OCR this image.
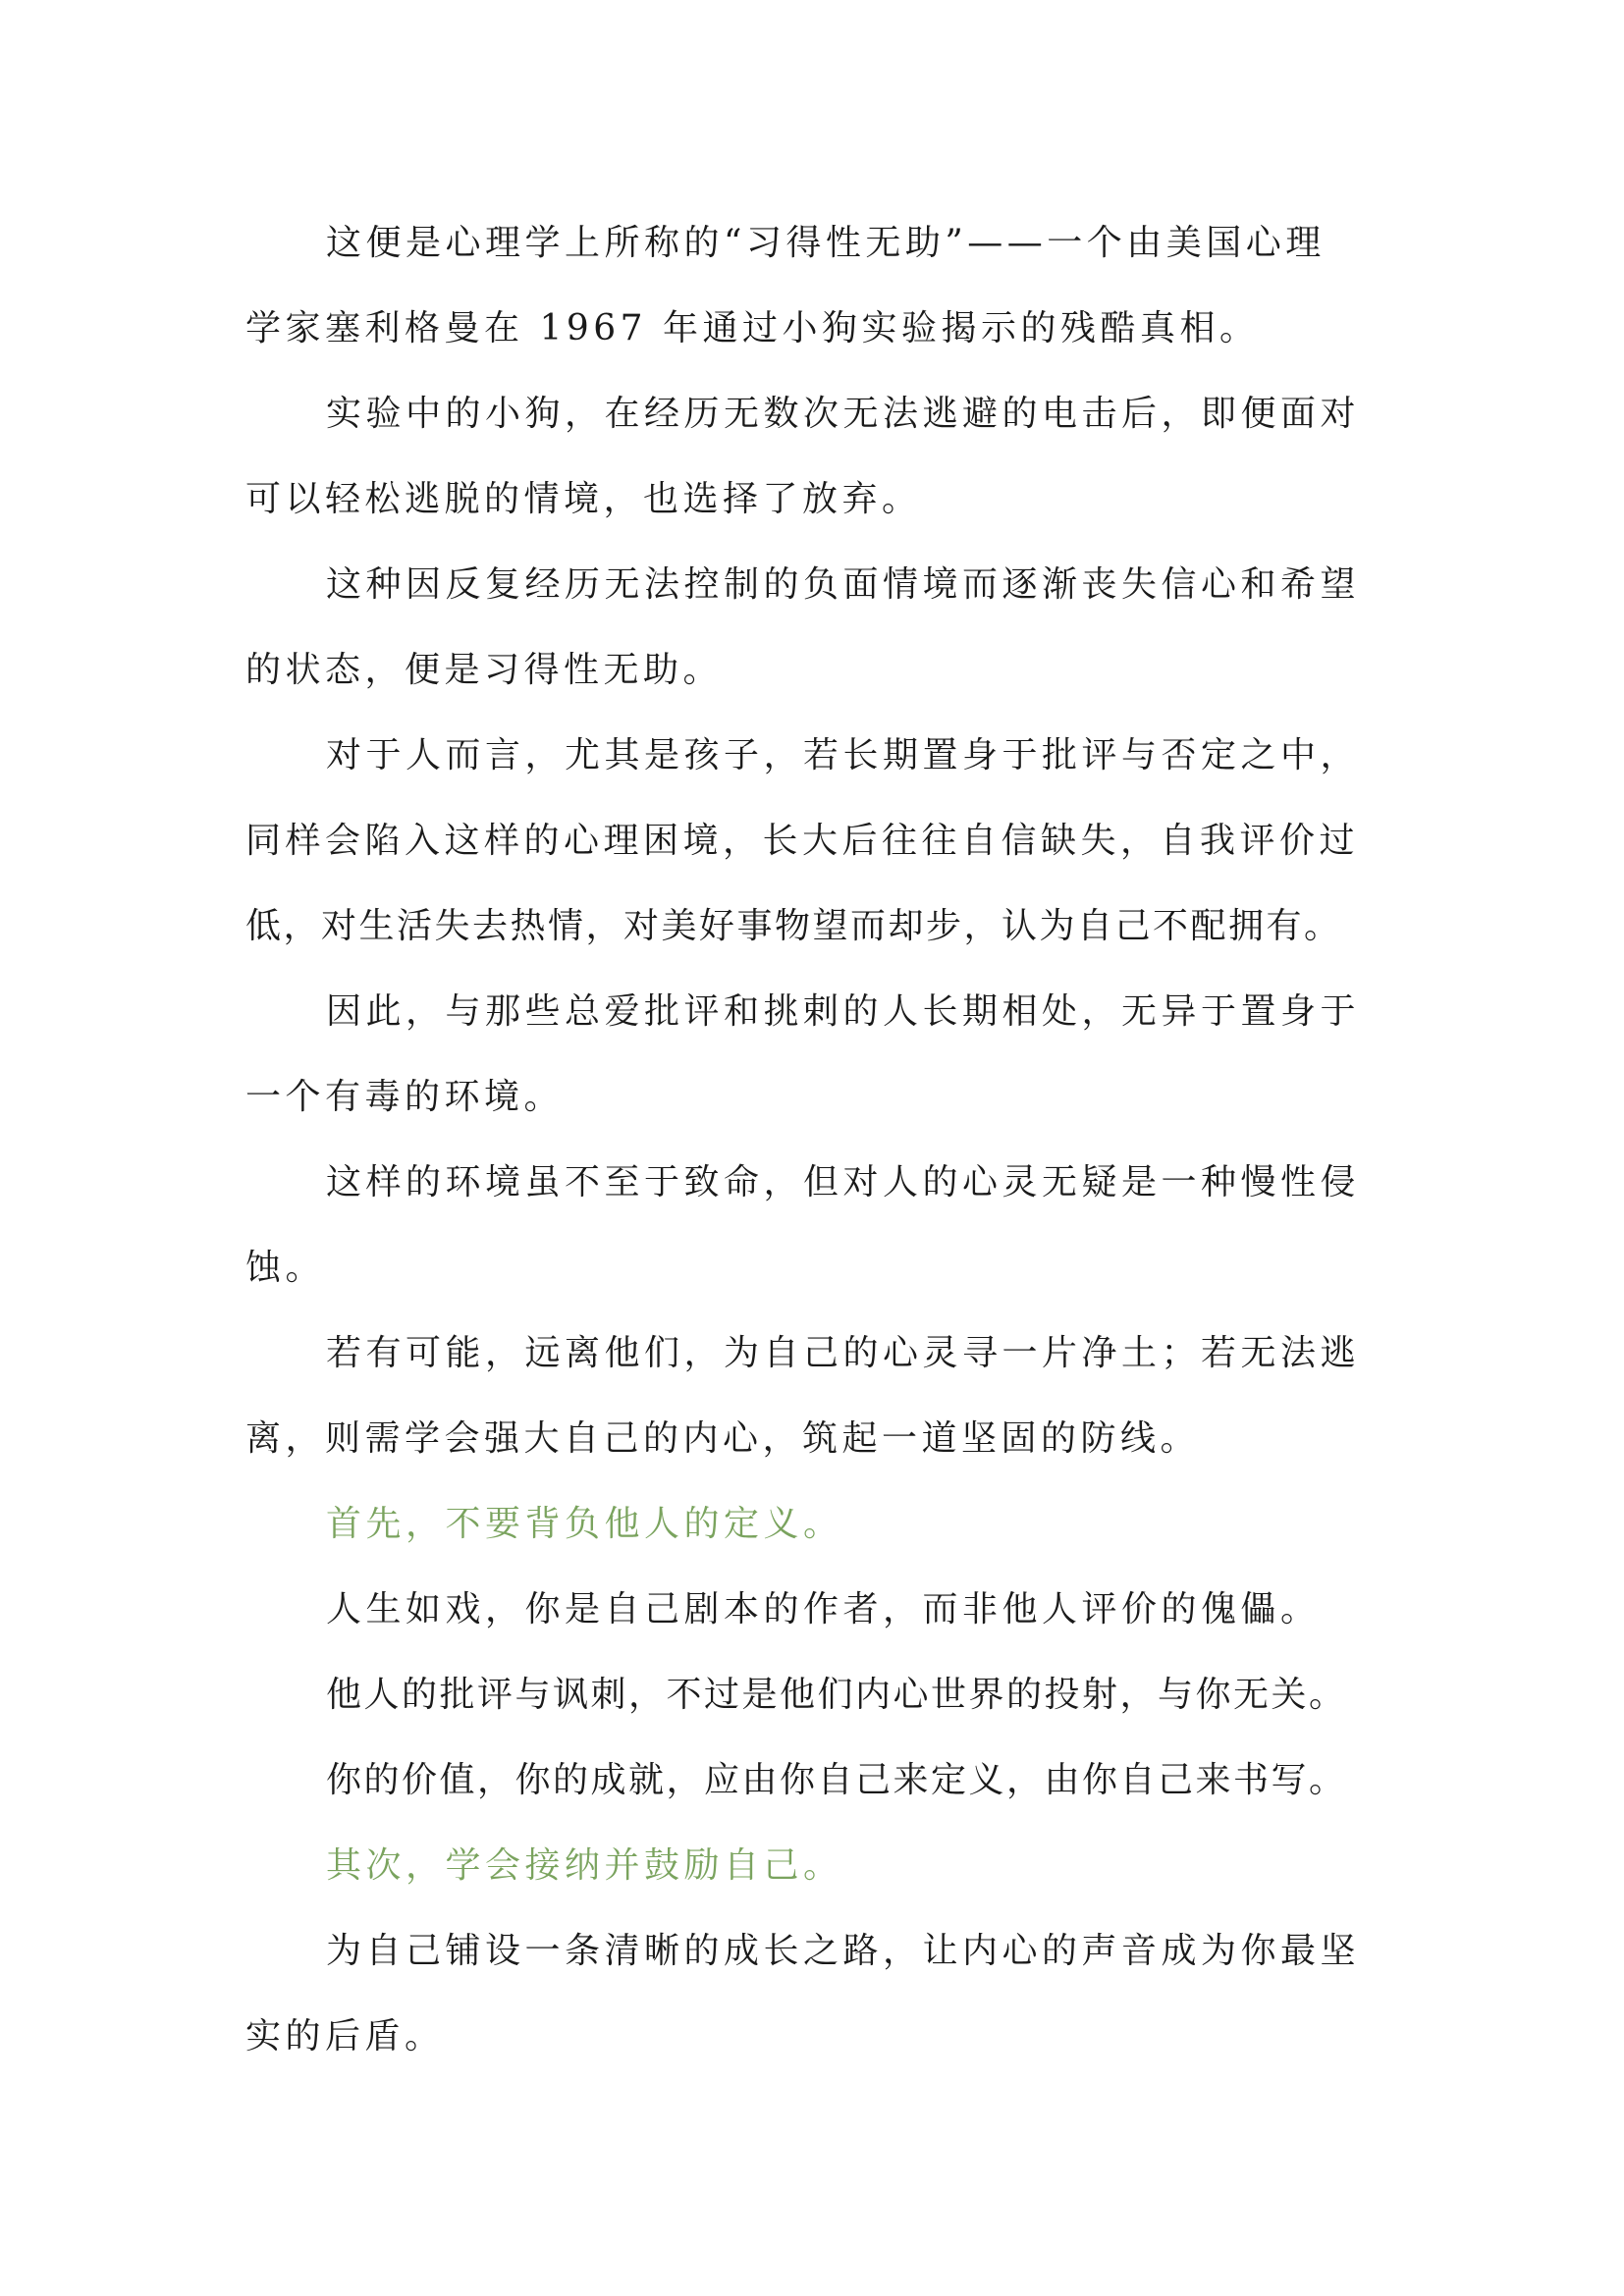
这便是心理学上所称的“习得性无助”——一个由美国心理

学家塞利格曼在 1967 年通过小狗实验揭示的残酷真相。

实验中的小狗，在经历无数次无法逃避的电击后，即便面对

可以轻松逃脱的情境，也选择了放弃。

这种因反复经历无法控制的负面情境而逐渐丧失信心和希望

的状态，便是习得性无助。

对于人而言，尤其是孩子，若长期置身于批评与否定之中，

同样会陷入这样的心理困境，长大后往往自信缺失，自我评价过

低，对生活失去热情，对美好事物望而却步，认为自己不配拥有。

因此，与那些总爱批评和挑剌的人长期相处，无异于置身于

一个有毒的环境。

这样的环境虽不至于致命，但对人的心灵无疑是一种慢性侵

蚀。

若有可能，远离他们，为自己的心灵寻一片净土；若无法逃

离，则需学会强大自己的内心，筑起一道坚固的防线。

首先，不要背负他人的定义。

人生如戏，你是自己剧本的作者，而非他人评价的傀儡。

他人的批评与讽刺，不过是他们内心世界的投射，与你无关。

你的价值，你的成就，应由你自己来定义，由你自己来书写。

其次，学会接纳并鼓励自己。

为自己铺设一条清晰的成长之路，让内心的声音成为你最坚

实的后盾。
